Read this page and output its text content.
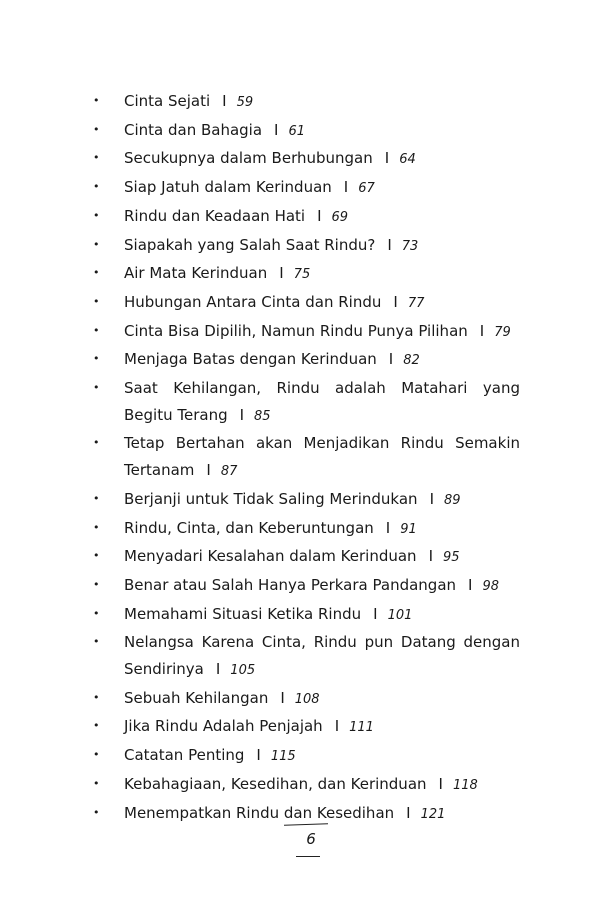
• Cinta Sejati I 59
• Cinta dan Bahagia I 61
• Secukupnya dalam Berhubungan I 64
• Siap Jatuh dalam Kerinduan I 67
• Rindu dan Keadaan Hati I 69
• Siapakah yang Salah Saat Rindu? I 73
• Air Mata Kerinduan I 75
• Hubungan Antara Cinta dan Rindu I 77
• Cinta Bisa Dipilih, Namun Rindu Punya Pilihan I 79
• Menjaga Batas dengan Kerinduan I 82
• Saat Kehilangan, Rindu adalah Matahari yang Begitu Terang I 85
• Tetap Bertahan akan Menjadikan Rindu Semakin Tertanam I 87
• Berjanji untuk Tidak Saling Merindukan I 89
• Rindu, Cinta, dan Keberuntungan I 91
• Menyadari Kesalahan dalam Kerinduan I 95
• Benar atau Salah Hanya Perkara Pandangan I 98
• Memahami Situasi Ketika Rindu I 101
• Nelangsa Karena Cinta, Rindu pun Datang dengan Sendirinya I 105
• Sebuah Kehilangan I 108
• Jika Rindu Adalah Penjajah I 111
• Catatan Penting I 115
• Kebahagiaan, Kesedihan, dan Kerinduan I 118
• Menempatkan Rindu dan Kesedihan I 121
6
